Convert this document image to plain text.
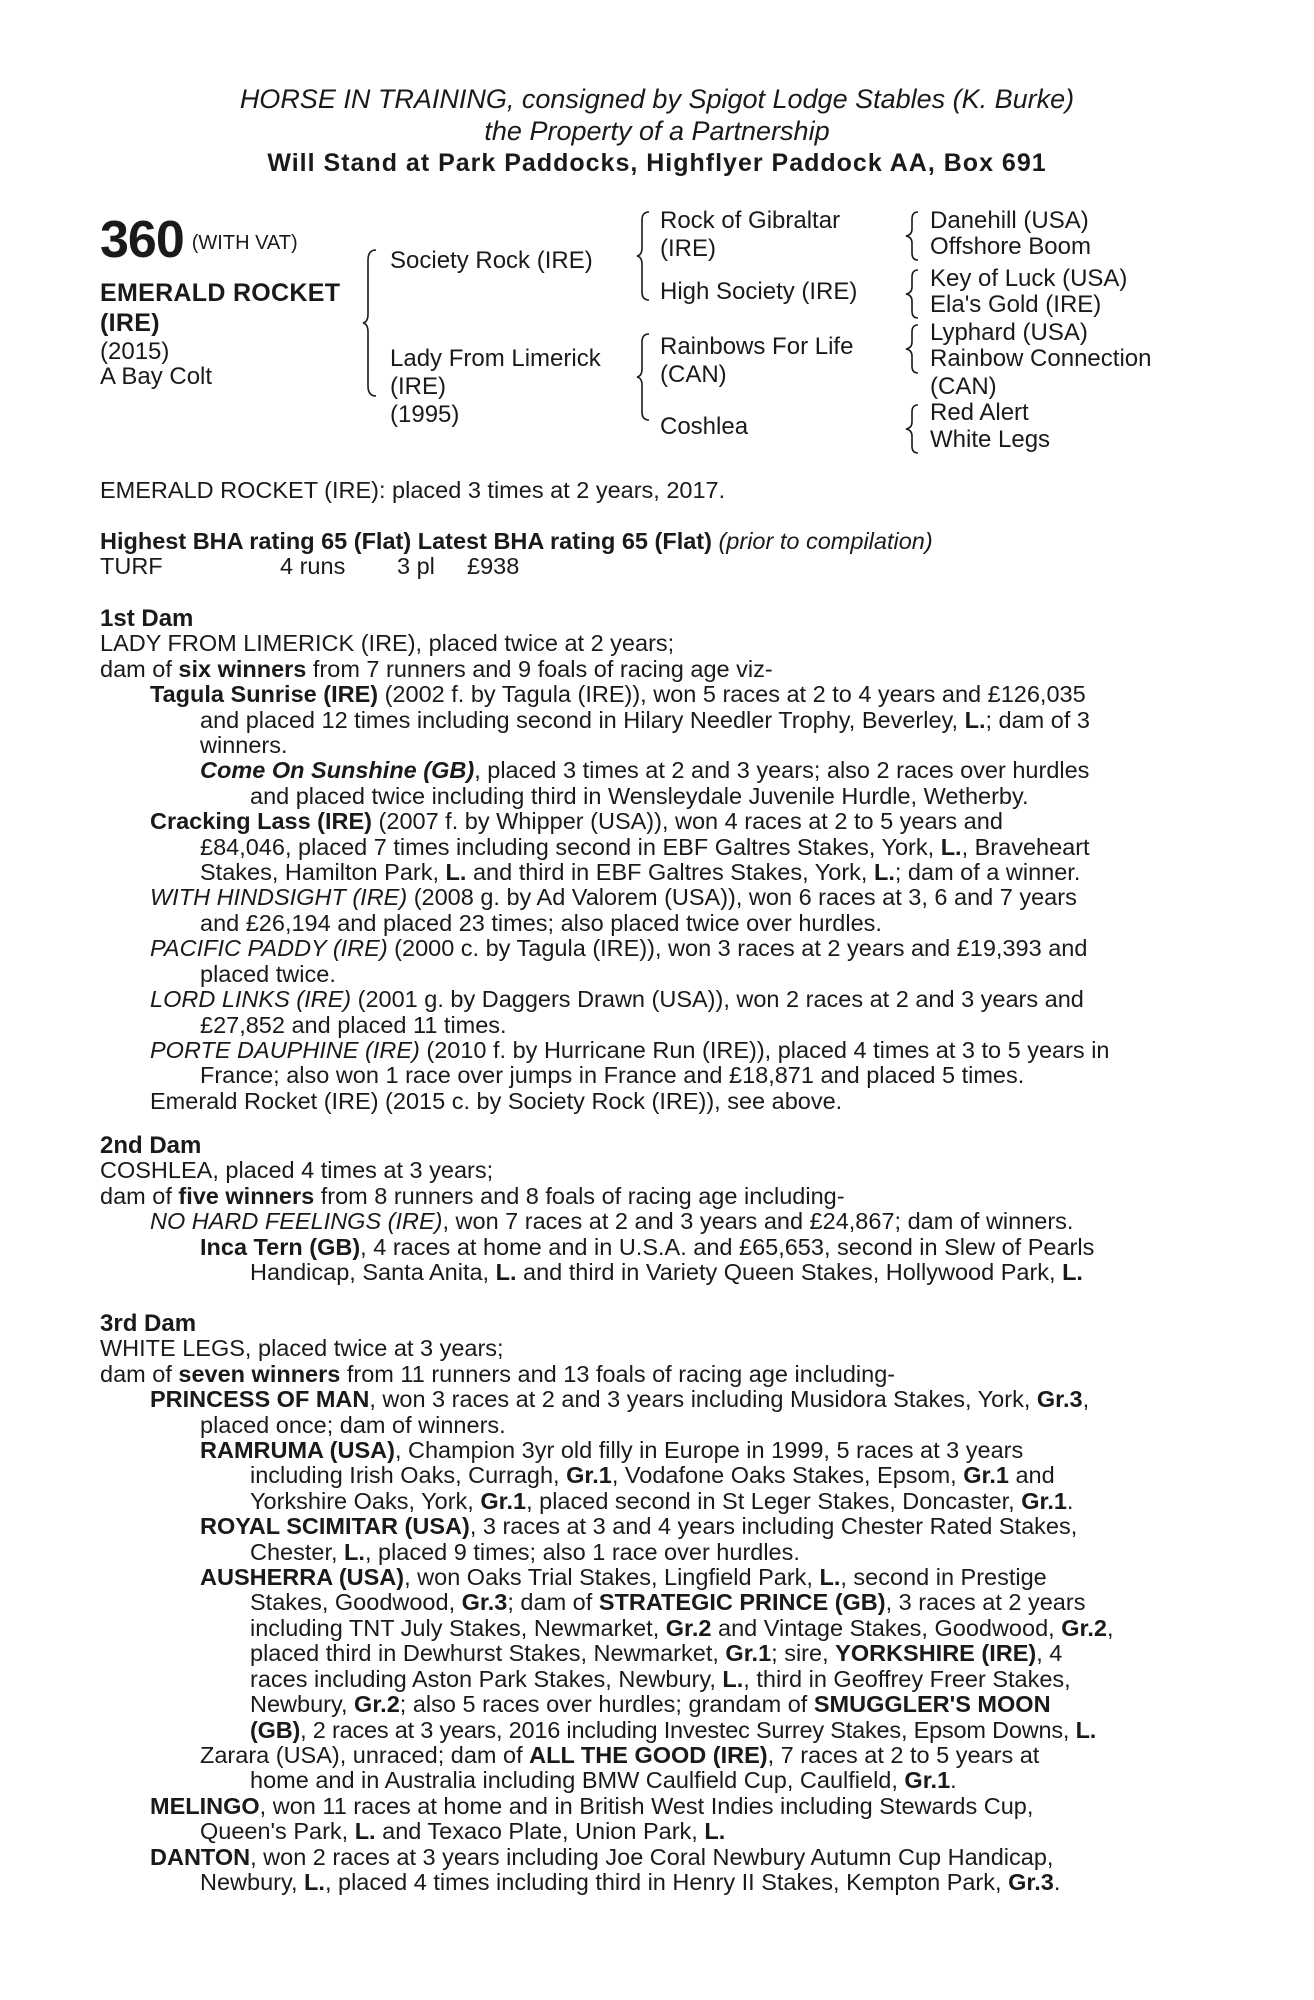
HORSE IN TRAINING, consigned by Spigot Lodge Stables (K. Burke)
the Property of a Partnership
Will Stand at Park Paddocks, Highflyer Paddock AA, Box 691
360 (WITH VAT)
EMERALD ROCKET
(IRE)
(2015)
A Bay Colt
Society Rock (IRE)
Lady From Limerick
(IRE)
(1995)
Rock of Gibraltar
(IRE)
High Society (IRE)
Rainbows For Life
(CAN)
Coshlea
Danehill (USA)
Offshore Boom
Key of Luck (USA)
Ela's Gold (IRE)
Lyphard (USA)
Rainbow Connection
(CAN)
Red Alert
White Legs
EMERALD ROCKET (IRE): placed 3 times at 2 years, 2017.
Highest BHA rating 65 (Flat) Latest BHA rating 65 (Flat) (prior to compilation)
TURF	4 runs 3 pl £938
1st Dam
LADY FROM LIMERICK (IRE), placed twice at 2 years;
dam of six winners from 7 runners and 9 foals of racing age viz-
Tagula Sunrise (IRE) (2002 f. by Tagula (IRE)), won 5 races at 2 to 4 years and £126,035
and placed 12 times including second in Hilary Needler Trophy, Beverley, L.; dam of 3
winners.
Come On Sunshine (GB), placed 3 times at 2 and 3 years; also 2 races over hurdles
and placed twice including third in Wensleydale Juvenile Hurdle, Wetherby.
Cracking Lass (IRE) (2007 f. by Whipper (USA)), won 4 races at 2 to 5 years and
£84,046, placed 7 times including second in EBF Galtres Stakes, York, L., Braveheart
Stakes, Hamilton Park, L. and third in EBF Galtres Stakes, York, L.; dam of a winner.
WITH HINDSIGHT (IRE) (2008 g. by Ad Valorem (USA)), won 6 races at 3, 6 and 7 years
and £26,194 and placed 23 times; also placed twice over hurdles.
PACIFIC PADDY (IRE) (2000 c. by Tagula (IRE)), won 3 races at 2 years and £19,393 and
placed twice.
LORD LINKS (IRE) (2001 g. by Daggers Drawn (USA)), won 2 races at 2 and 3 years and
£27,852 and placed 11 times.
PORTE DAUPHINE (IRE) (2010 f. by Hurricane Run (IRE)), placed 4 times at 3 to 5 years in
France; also won 1 race over jumps in France and £18,871 and placed 5 times.
Emerald Rocket (IRE) (2015 c. by Society Rock (IRE)), see above.
2nd Dam
COSHLEA, placed 4 times at 3 years;
dam of five winners from 8 runners and 8 foals of racing age including-
NO HARD FEELINGS (IRE), won 7 races at 2 and 3 years and £24,867; dam of winners.
Inca Tern (GB), 4 races at home and in U.S.A. and £65,653, second in Slew of Pearls
Handicap, Santa Anita, L. and third in Variety Queen Stakes, Hollywood Park, L.
3rd Dam
WHITE LEGS, placed twice at 3 years;
dam of seven winners from 11 runners and 13 foals of racing age including-
PRINCESS OF MAN, won 3 races at 2 and 3 years including Musidora Stakes, York, Gr.3,
placed once; dam of winners.
RAMRUMA (USA), Champion 3yr old filly in Europe in 1999, 5 races at 3 years
including Irish Oaks, Curragh, Gr.1, Vodafone Oaks Stakes, Epsom, Gr.1 and
Yorkshire Oaks, York, Gr.1, placed second in St Leger Stakes, Doncaster, Gr.1.
ROYAL SCIMITAR (USA), 3 races at 3 and 4 years including Chester Rated Stakes,
Chester, L., placed 9 times; also 1 race over hurdles.
AUSHERRA (USA), won Oaks Trial Stakes, Lingfield Park, L., second in Prestige
Stakes, Goodwood, Gr.3; dam of STRATEGIC PRINCE (GB), 3 races at 2 years
including TNT July Stakes, Newmarket, Gr.2 and Vintage Stakes, Goodwood, Gr.2,
placed third in Dewhurst Stakes, Newmarket, Gr.1; sire, YORKSHIRE (IRE), 4
races including Aston Park Stakes, Newbury, L., third in Geoffrey Freer Stakes,
Newbury, Gr.2; also 5 races over hurdles; grandam of SMUGGLER'S MOON
(GB), 2 races at 3 years, 2016 including Investec Surrey Stakes, Epsom Downs, L.
Zarara (USA), unraced; dam of ALL THE GOOD (IRE), 7 races at 2 to 5 years at
home and in Australia including BMW Caulfield Cup, Caulfield, Gr.1.
MELINGO, won 11 races at home and in British West Indies including Stewards Cup,
Queen's Park, L. and Texaco Plate, Union Park, L.
DANTON, won 2 races at 3 years including Joe Coral Newbury Autumn Cup Handicap,
Newbury, L., placed 4 times including third in Henry II Stakes, Kempton Park, Gr.3.
